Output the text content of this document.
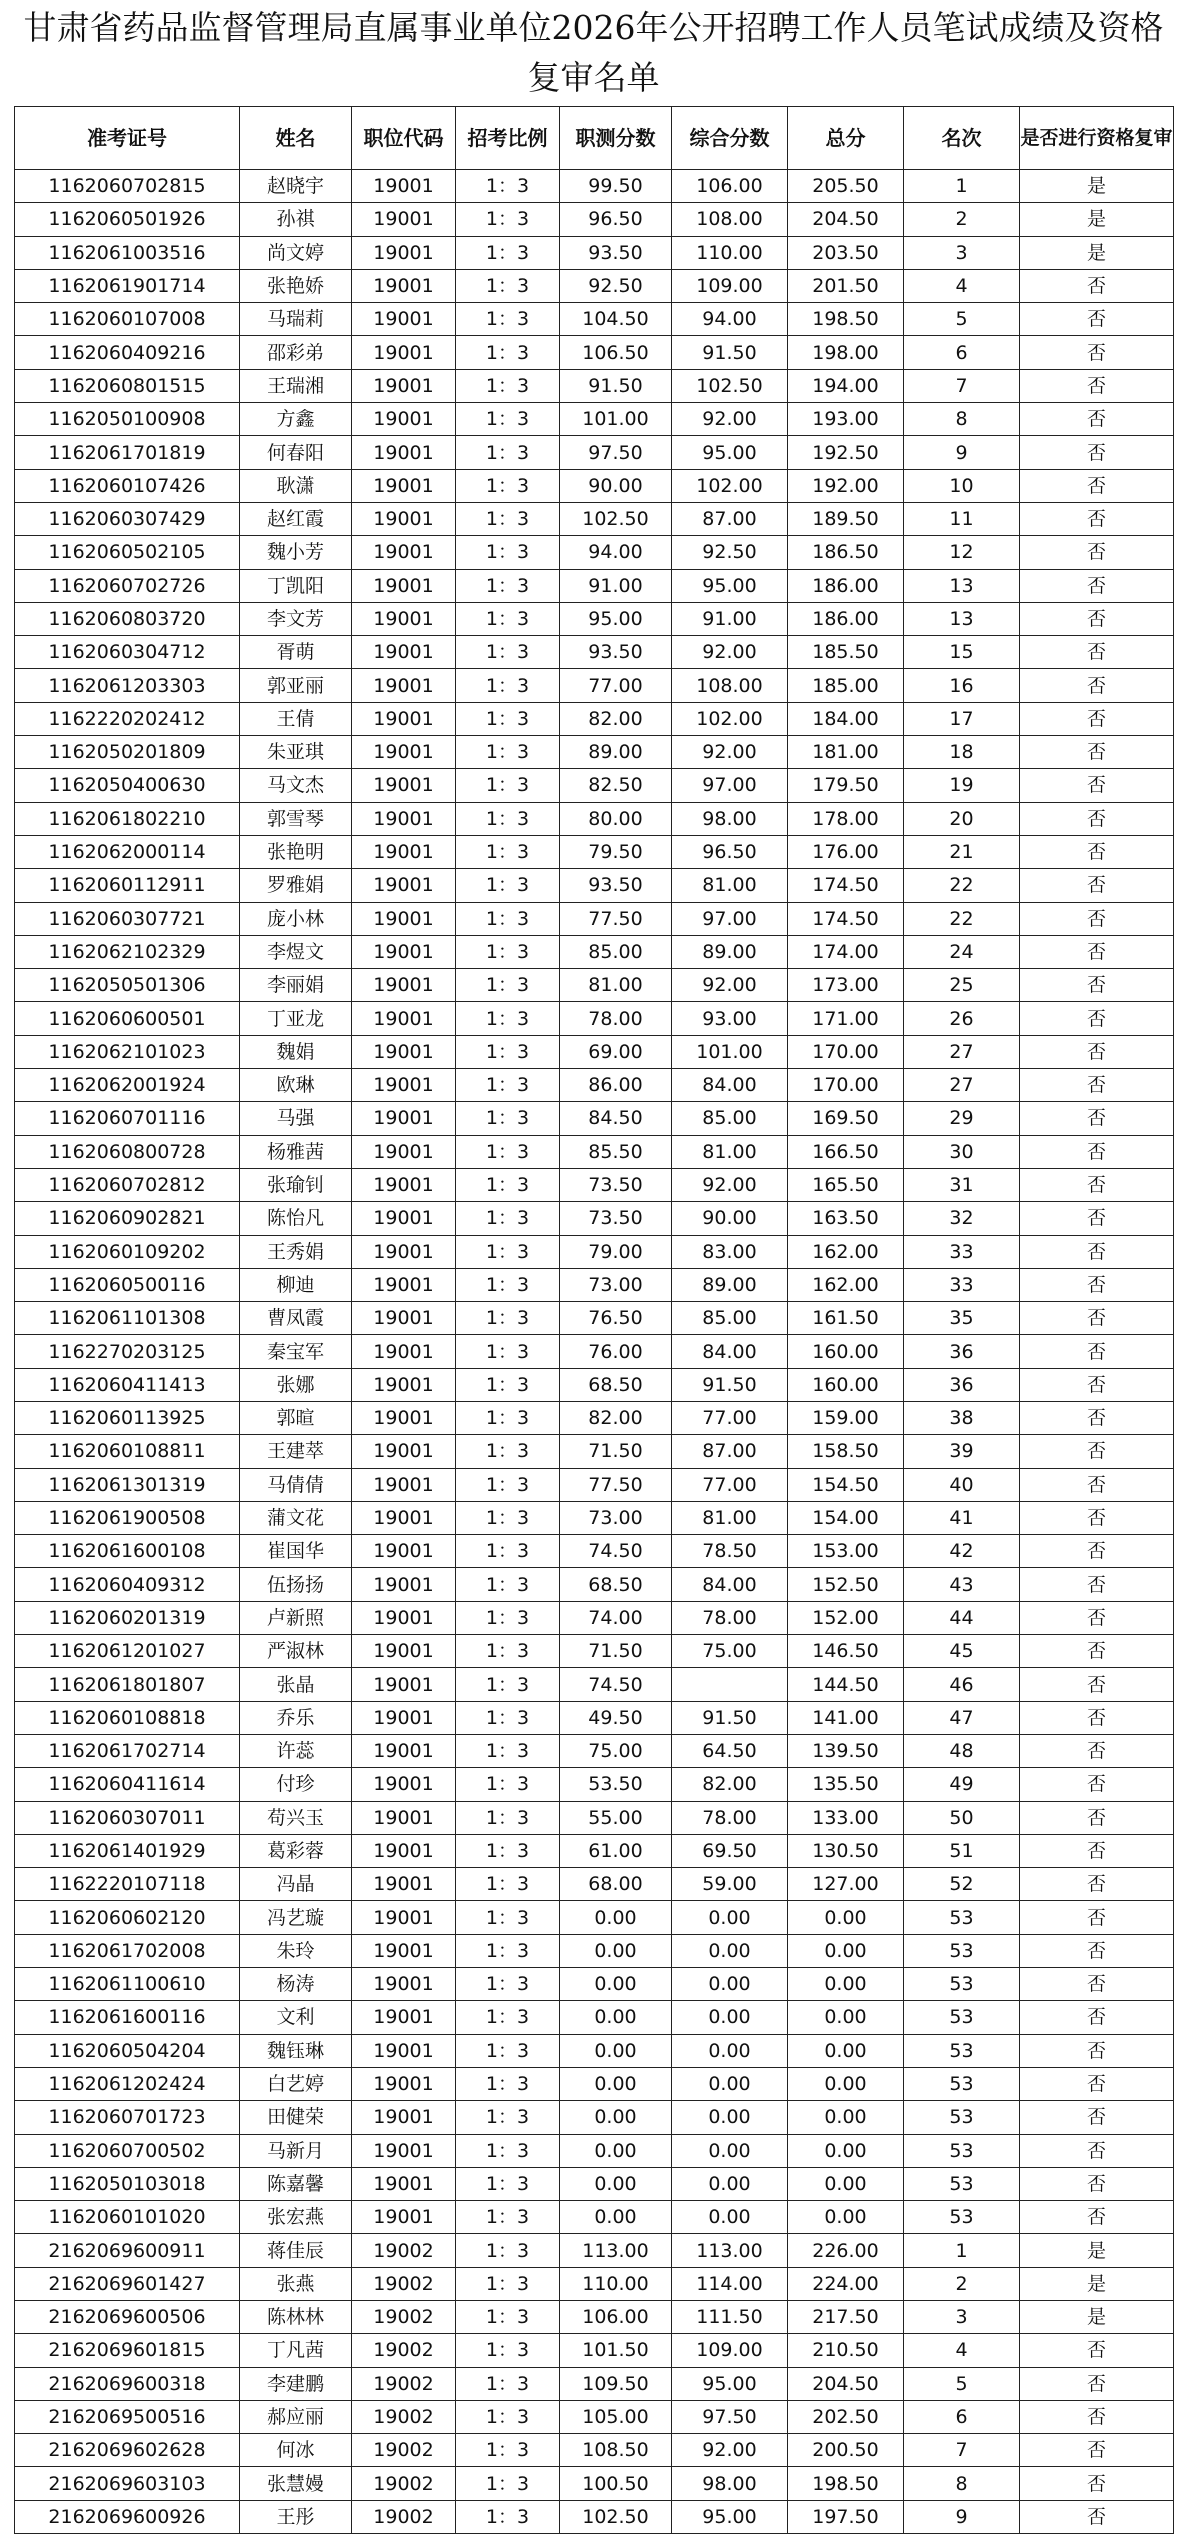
甘肃省药品监督管理局直属事业单位2026年公开招聘工作人员笔试成绩及资格
复审名单
准考证号	姓名	职位代码	招考比例	职测分数	综合分数	总分	名次	是否进行资格复审
1162060702815	赵晓宇	19001	1：3	99.50	106.00	205.50	1	是
1162060501926	孙祺	19001	1：3	96.50	108.00	204.50	2	是
1162061003516	尚文婷	19001	1：3	93.50	110.00	203.50	3	是
1162061901714	张艳娇	19001	1：3	92.50	109.00	201.50	4	否
1162060107008	马瑞莉	19001	1：3	104.50	94.00	198.50	5	否
1162060409216	邵彩弟	19001	1：3	106.50	91.50	198.00	6	否
1162060801515	王瑞湘	19001	1：3	91.50	102.50	194.00	7	否
1162050100908	方鑫	19001	1：3	101.00	92.00	193.00	8	否
1162061701819	何春阳	19001	1：3	97.50	95.00	192.50	9	否
1162060107426	耿潇	19001	1：3	90.00	102.00	192.00	10	否
1162060307429	赵红霞	19001	1：3	102.50	87.00	189.50	11	否
1162060502105	魏小芳	19001	1：3	94.00	92.50	186.50	12	否
1162060702726	丁凯阳	19001	1：3	91.00	95.00	186.00	13	否
1162060803720	李文芳	19001	1：3	95.00	91.00	186.00	13	否
1162060304712	胥萌	19001	1：3	93.50	92.00	185.50	15	否
1162061203303	郭亚丽	19001	1：3	77.00	108.00	185.00	16	否
1162220202412	王倩	19001	1：3	82.00	102.00	184.00	17	否
1162050201809	朱亚琪	19001	1：3	89.00	92.00	181.00	18	否
1162050400630	马文杰	19001	1：3	82.50	97.00	179.50	19	否
1162061802210	郭雪琴	19001	1：3	80.00	98.00	178.00	20	否
1162062000114	张艳明	19001	1：3	79.50	96.50	176.00	21	否
1162060112911	罗雅娟	19001	1：3	93.50	81.00	174.50	22	否
1162060307721	庞小林	19001	1：3	77.50	97.00	174.50	22	否
1162062102329	李煜文	19001	1：3	85.00	89.00	174.00	24	否
1162050501306	李丽娟	19001	1：3	81.00	92.00	173.00	25	否
1162060600501	丁亚龙	19001	1：3	78.00	93.00	171.00	26	否
1162062101023	魏娟	19001	1：3	69.00	101.00	170.00	27	否
1162062001924	欧琳	19001	1：3	86.00	84.00	170.00	27	否
1162060701116	马强	19001	1：3	84.50	85.00	169.50	29	否
1162060800728	杨雅茜	19001	1：3	85.50	81.00	166.50	30	否
1162060702812	张瑜钊	19001	1：3	73.50	92.00	165.50	31	否
1162060902821	陈怡凡	19001	1：3	73.50	90.00	163.50	32	否
1162060109202	王秀娟	19001	1：3	79.00	83.00	162.00	33	否
1162060500116	柳迪	19001	1：3	73.00	89.00	162.00	33	否
1162061101308	曹凤霞	19001	1：3	76.50	85.00	161.50	35	否
1162270203125	秦宝军	19001	1：3	76.00	84.00	160.00	36	否
1162060411413	张娜	19001	1：3	68.50	91.50	160.00	36	否
1162060113925	郭暄	19001	1：3	82.00	77.00	159.00	38	否
1162060108811	王建萃	19001	1：3	71.50	87.00	158.50	39	否
1162061301319	马倩倩	19001	1：3	77.50	77.00	154.50	40	否
1162061900508	蒲文花	19001	1：3	73.00	81.00	154.00	41	否
1162061600108	崔国华	19001	1：3	74.50	78.50	153.00	42	否
1162060409312	伍扬扬	19001	1：3	68.50	84.00	152.50	43	否
1162060201319	卢新照	19001	1：3	74.00	78.00	152.00	44	否
1162061201027	严淑林	19001	1：3	71.50	75.00	146.50	45	否
1162061801807	张晶	19001	1：3	74.50		144.50	46	否
1162060108818	乔乐	19001	1：3	49.50	91.50	141.00	47	否
1162061702714	许蕊	19001	1：3	75.00	64.50	139.50	48	否
1162060411614	付珍	19001	1：3	53.50	82.00	135.50	49	否
1162060307011	苟兴玉	19001	1：3	55.00	78.00	133.00	50	否
1162061401929	葛彩蓉	19001	1：3	61.00	69.50	130.50	51	否
1162220107118	冯晶	19001	1：3	68.00	59.00	127.00	52	否
1162060602120	冯艺璇	19001	1：3	0.00	0.00	0.00	53	否
1162061702008	朱玲	19001	1：3	0.00	0.00	0.00	53	否
1162061100610	杨涛	19001	1：3	0.00	0.00	0.00	53	否
1162061600116	文利	19001	1：3	0.00	0.00	0.00	53	否
1162060504204	魏钰琳	19001	1：3	0.00	0.00	0.00	53	否
1162061202424	白艺婷	19001	1：3	0.00	0.00	0.00	53	否
1162060701723	田健荣	19001	1：3	0.00	0.00	0.00	53	否
1162060700502	马新月	19001	1：3	0.00	0.00	0.00	53	否
1162050103018	陈嘉馨	19001	1：3	0.00	0.00	0.00	53	否
1162060101020	张宏燕	19001	1：3	0.00	0.00	0.00	53	否
2162069600911	蒋佳辰	19002	1：3	113.00	113.00	226.00	1	是
2162069601427	张燕	19002	1：3	110.00	114.00	224.00	2	是
2162069600506	陈林林	19002	1：3	106.00	111.50	217.50	3	是
2162069601815	丁凡茜	19002	1：3	101.50	109.00	210.50	4	否
2162069600318	李建鹏	19002	1：3	109.50	95.00	204.50	5	否
2162069500516	郝应丽	19002	1：3	105.00	97.50	202.50	6	否
2162069602628	何冰	19002	1：3	108.50	92.00	200.50	7	否
2162069603103	张慧嫚	19002	1：3	100.50	98.00	198.50	8	否
2162069600926	王彤	19002	1：3	102.50	95.00	197.50	9	否
